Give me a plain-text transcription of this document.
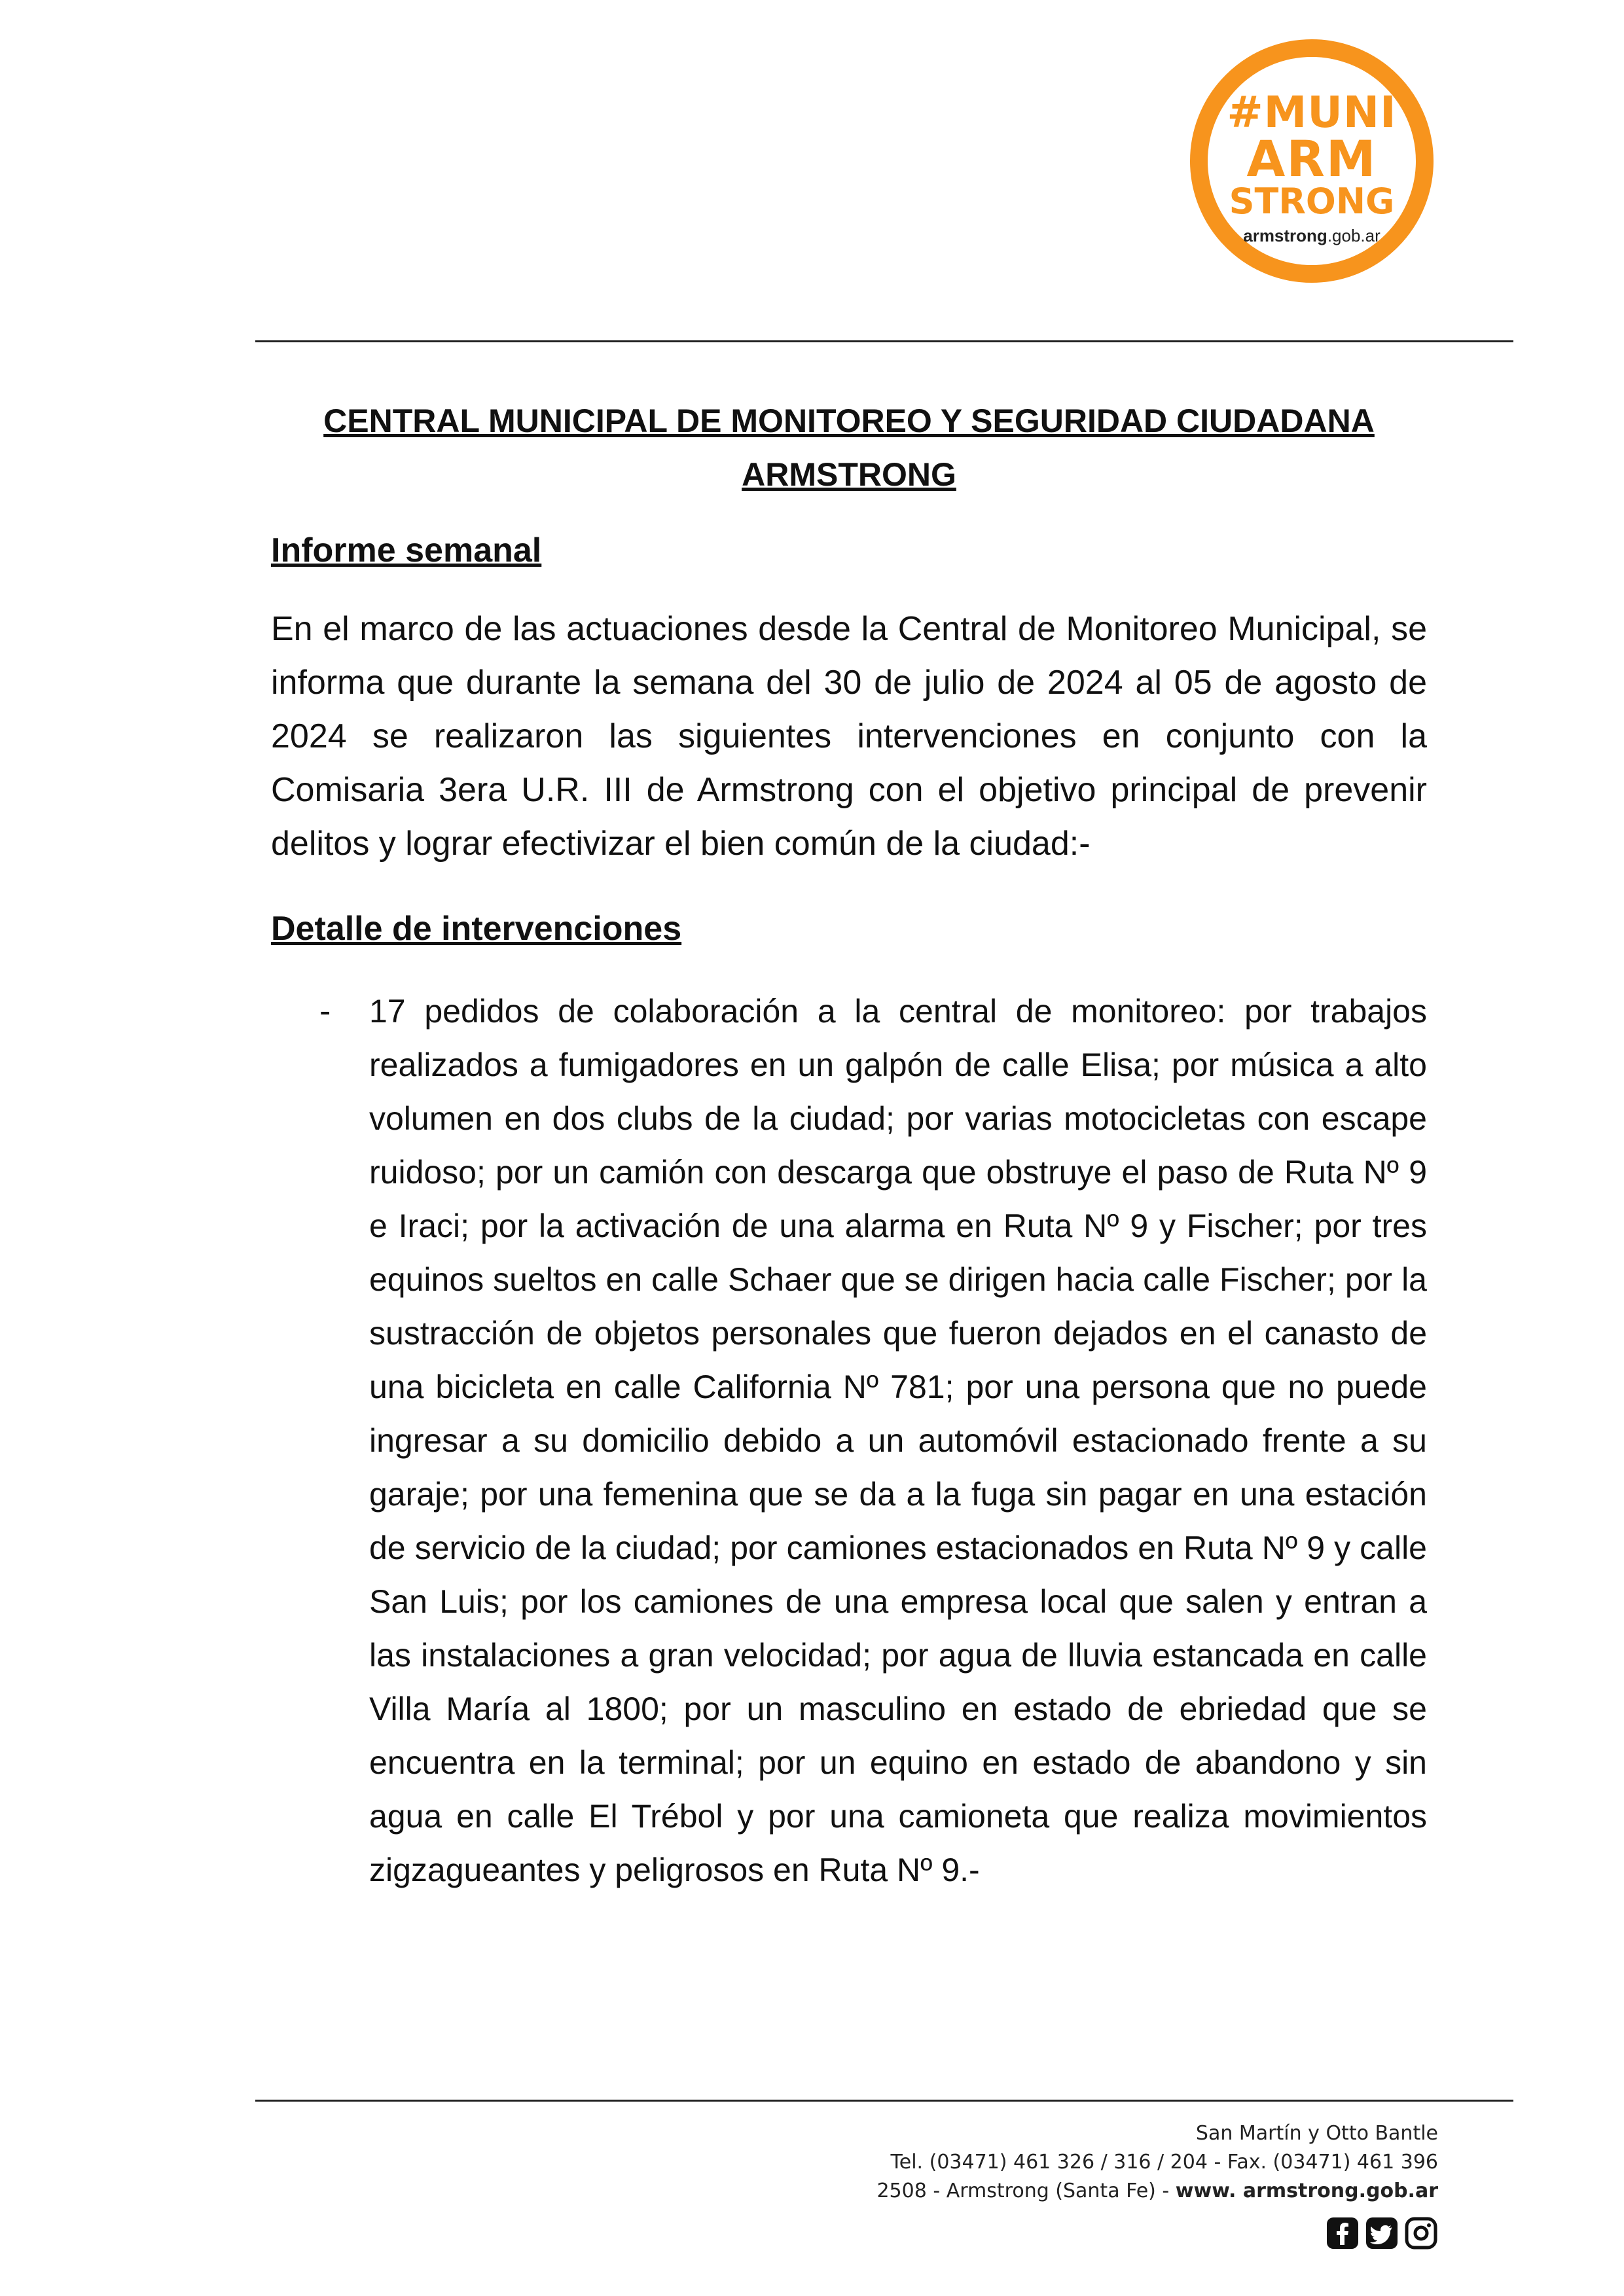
#MUNI
ARM
STRONG
armstrong.gob.ar
CENTRAL MUNICIPAL DE MONITOREO Y SEGURIDAD CIUDADANA
ARMSTRONG
Informe semanal
En el marco de las actuaciones desde la Central de Monitoreo Municipal, se informa que durante la semana del 30 de julio de 2024 al 05 de agosto de 2024 se realizaron las siguientes intervenciones en conjunto con la Comisaria 3era U.R. III de Armstrong con el objetivo principal de prevenir delitos y lograr efectivizar el bien común de la ciudad:-
Detalle de intervenciones
- 17 pedidos de colaboración a la central de monitoreo: por trabajos realizados a fumigadores en un galpón de calle Elisa; por música a alto volumen en dos clubs de la ciudad; por varias motocicletas con escape ruidoso; por un camión con descarga que obstruye el paso de Ruta Nº 9 e Iraci; por la activación de una alarma en Ruta Nº 9 y Fischer; por tres equinos sueltos en calle Schaer que se dirigen hacia calle Fischer; por la sustracción de objetos personales que fueron dejados en el canasto de una bicicleta en calle California Nº 781; por una persona que no puede ingresar a su domicilio debido a un automóvil estacionado frente a su garaje; por una femenina que se da a la fuga sin pagar en una estación de servicio de la ciudad; por camiones estacionados en Ruta Nº 9 y calle San Luis; por los camiones de una empresa local que salen y entran a las instalaciones a gran velocidad; por agua de lluvia estancada en calle Villa María al 1800; por un masculino en estado de ebriedad que se encuentra en la terminal; por un equino en estado de abandono y sin agua en calle El Trébol y por una camioneta que realiza movimientos zigzagueantes y peligrosos en Ruta Nº 9.-
San Martín y Otto Bantle
Tel. (03471) 461 326 / 316 / 204 - Fax. (03471) 461 396
2508 - Armstrong (Santa Fe) - www. armstrong.gob.ar
